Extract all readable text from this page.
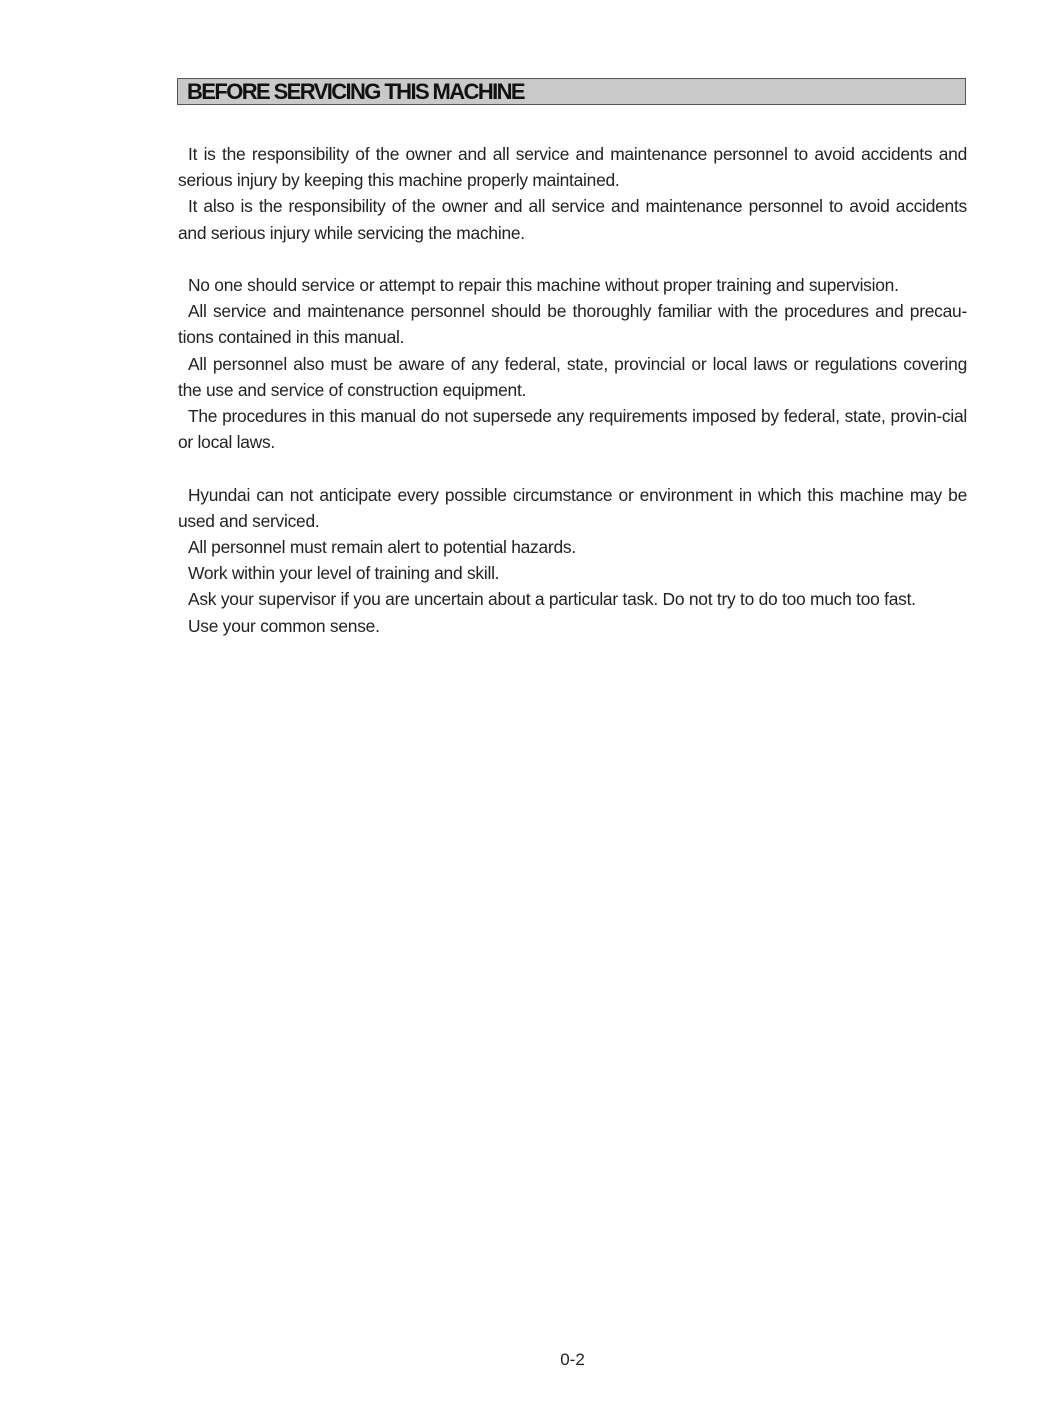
BEFORE SERVICING THIS MACHINE

It is the responsibility of the owner and all service and maintenance personnel to avoid accidents and serious injury by keeping this machine properly maintained.

It also is the responsibility of the owner and all service and maintenance personnel to avoid accidents and serious injury while servicing the machine.

No one should service or attempt to repair this machine without proper training and supervision.

All service and maintenance personnel should be thoroughly familiar with the procedures and precau-tions contained in this manual.

All personnel also must be aware of any federal, state, provincial or local laws or regulations covering the use and service of construction equipment.

The procedures in this manual do not supersede any requirements imposed by federal, state, provin-cial or local laws.

Hyundai can not anticipate every possible circumstance or environment in which this machine may be used and serviced.

All personnel must remain alert to potential hazards.

Work within your level of training and skill.

Ask your supervisor if you are uncertain about a particular task. Do not try to do too much too fast.

Use your common sense.

0-2
